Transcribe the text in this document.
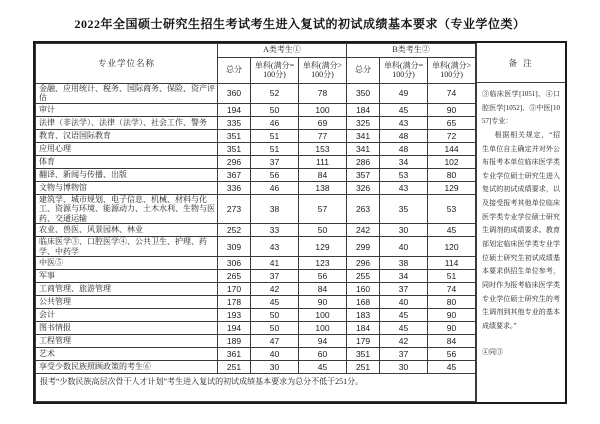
2022年全国硕士研究生招生考试考生进入复试的初试成绩基本要求（专业学位类）
专业学位名称	A类考生①			B类考生②		
	总分	单科(满分=100分)	单科(满分>100分)	总分	单科(满分=100分)	单科(满分>100分)
金融、应用统计、税务、国际商务、保险、资产评估	360	52	78	350	49	74
审计	194	50	100	184	45	90
法律（非法学）、法律（法学）、社会工作、警务	335	46	69	325	43	65
教育、汉语国际教育	351	51	77	341	48	72
应用心理	351	51	153	341	48	144
体育	296	37	111	286	34	102
翻译、新闻与传播、出版	367	56	84	357	53	80
文物与博物馆	336	46	138	326	43	129
建筑学、城市规划、电子信息、机械、材料与化工、资源与环境、能源动力、土木水利、生物与医药、交通运输	273	38	57	263	35	53
农业、兽医、风景园林、林业	252	33	50	242	30	45
临床医学③、口腔医学④、公共卫生、护理、药学、中药学	309	43	129	299	40	120
中医⑤	306	41	123	296	38	114
军事	265	37	56	255	34	51
工商管理、旅游管理	170	42	84	160	37	74
公共管理	178	45	90	168	40	80
会计	193	50	100	183	45	90
图书情报	194	50	100	184	45	90
工程管理	189	47	94	179	42	84
艺术	361	40	60	351	37	56
享受少数民族照顾政策的考生⑥	251	30	45	251	30	45
报考“少数民族高层次骨干人才计划”考生进入复试的初试成绩基本要求为总分不低于251分。						
备 注

③临床医学[1051]、④口腔医学[1052]、⑤中医[1057]专业：

根据相关规定，“招生单位自主确定并对外公布报考本单位临床医学类专业学位硕士研究生进入复试的初试成绩要求，以及接受报考其他单位临床医学类专业学位硕士研究生调剂的成绩要求。教育部划定临床医学类专业学位硕士研究生初试成绩基本要求供招生单位参考，同时作为报考临床医学类专业学位硕士研究生的考生调剂到其他专业的基本成绩要求。”

④同③
